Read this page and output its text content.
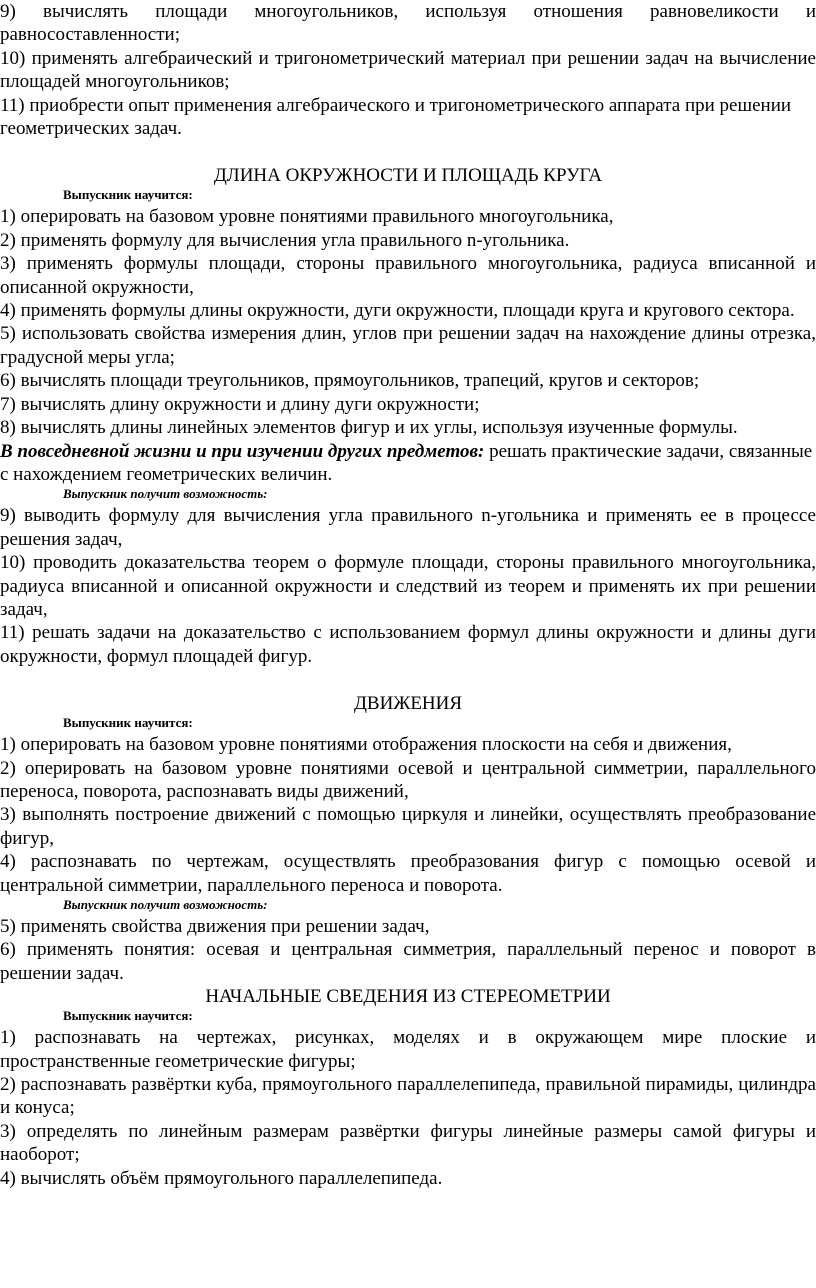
9) вычислять площади многоугольников, используя отношения равновеликости и равносоставленности;

10) применять алгебраический и тригонометрический материал при решении задач на вычисление площадей многоугольников;

11) приобрести опыт применения алгебраического и тригонометрического аппарата при решении геометрических задач.

ДЛИНА ОКРУЖНОСТИ И ПЛОЩАДЬ КРУГА

Выпускник научится:

1) оперировать на базовом уровне понятиями правильного многоугольника,

2) применять формулу для вычисления угла правильного n-угольника.

3) применять формулы площади, стороны правильного многоугольника, радиуса вписанной и описанной окружности,

4) применять формулы длины окружности, дуги окружности, площади круга и кругового сектора.

5) использовать свойства измерения длин, углов при решении задач на нахождение длины отрезка, градусной меры угла;

6) вычислять площади треугольников, прямоугольников, трапеций, кругов и секторов;

7) вычислять длину окружности и длину дуги окружности;

8) вычислять длины линейных элементов фигур и их углы, используя изученные формулы.

В повседневной жизни и при изучении других предметов: решать практические задачи, связанные с нахождением геометрических величин.

Выпускник получит возможность:

9) выводить формулу для вычисления угла правильного n-угольника и применять ее в процессе решения задач,

10) проводить доказательства теорем о формуле площади, стороны правильного многоугольника, радиуса вписанной и описанной окружности и следствий из теорем и применять их при решении задач,

11) решать задачи на доказательство с использованием формул длины окружности и длины дуги окружности, формул площадей фигур.

ДВИЖЕНИЯ

Выпускник научится:

1) оперировать на базовом уровне понятиями отображения плоскости на себя и движения,

2) оперировать на базовом уровне понятиями осевой и центральной симметрии, параллельного переноса, поворота, распознавать виды движений,

3) выполнять построение движений с помощью циркуля и линейки, осуществлять преобразование фигур,

4) распознавать по чертежам, осуществлять преобразования фигур с помощью осевой и центральной симметрии, параллельного переноса и поворота.

Выпускник получит возможность:

5) применять свойства движения при решении задач,

6) применять понятия: осевая и центральная симметрия, параллельный перенос и поворот в решении задач.

НАЧАЛЬНЫЕ СВЕДЕНИЯ ИЗ СТЕРЕОМЕТРИИ

Выпускник научится:

1) распознавать на чертежах, рисунках, моделях и в окружающем мире плоские и пространственные геометрические фигуры;

2) распознавать развёртки куба, прямоугольного параллелепипеда, правильной пирамиды, цилиндра и конуса;

3) определять по линейным размерам развёртки фигуры линейные размеры самой фигуры и наоборот;

4) вычислять объём прямоугольного параллелепипеда.
